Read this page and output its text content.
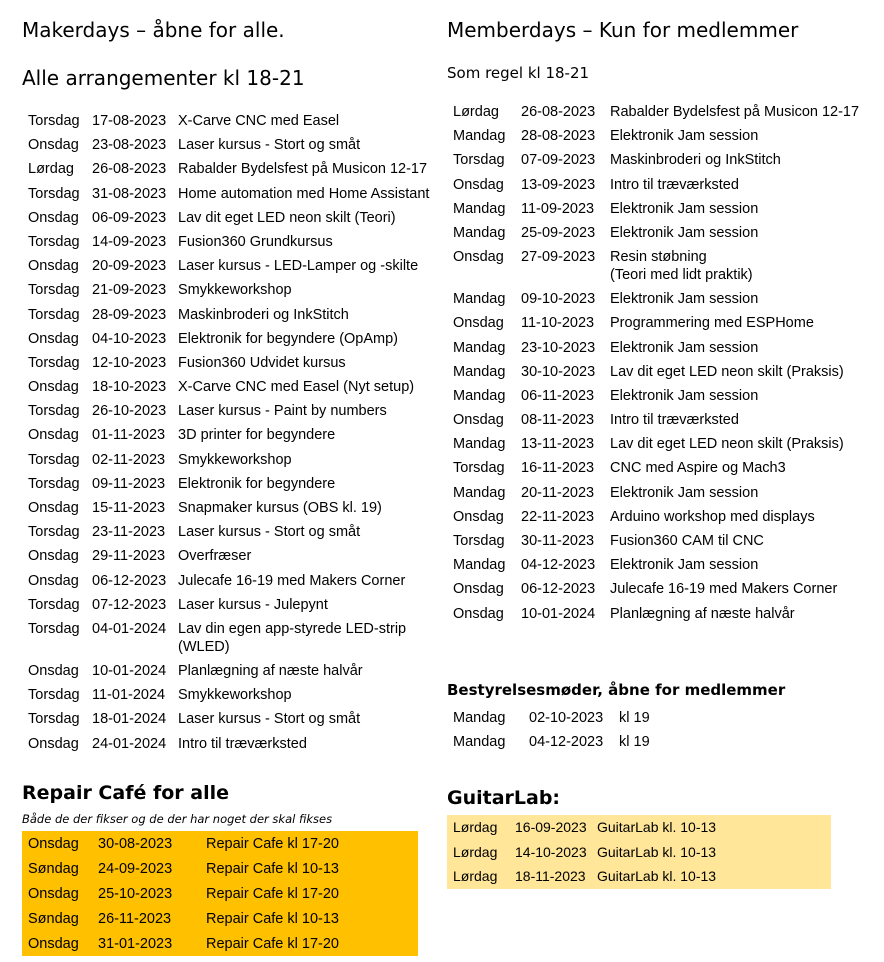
Makerdays – åbne for alle.
Alle arrangementer kl 18-21
Torsdag	17-08-2023	X-Carve CNC med Easel
Onsdag	23-08-2023	Laser kursus - Stort og småt
Lørdag	26-08-2023	Rabalder Bydelsfest på Musicon 12-17
Torsdag	31-08-2023	Home automation med Home Assistant
Onsdag	06-09-2023	Lav dit eget LED neon skilt (Teori)
Torsdag	14-09-2023	Fusion360 Grundkursus
Onsdag	20-09-2023	Laser kursus - LED-Lamper og -skilte
Torsdag	21-09-2023	Smykkeworkshop
Torsdag	28-09-2023	Maskinbroderi og InkStitch
Onsdag	04-10-2023	Elektronik for begyndere (OpAmp)
Torsdag	12-10-2023	Fusion360 Udvidet kursus
Onsdag	18-10-2023	X-Carve CNC med Easel (Nyt setup)
Torsdag	26-10-2023	Laser kursus - Paint by numbers
Onsdag	01-11-2023	3D printer for begyndere
Torsdag	02-11-2023	Smykkeworkshop
Torsdag	09-11-2023	Elektronik for begyndere
Onsdag	15-11-2023	Snapmaker kursus (OBS kl. 19)
Torsdag	23-11-2023	Laser kursus - Stort og småt
Onsdag	29-11-2023	Overfræser
Onsdag	06-12-2023	Julecafe 16-19 med Makers Corner
Torsdag	07-12-2023	Laser kursus - Julepynt
Torsdag	04-01-2024	Lav din egen app-styrede LED-strip
(WLED)
Onsdag	10-01-2024	Planlægning af næste halvår
Torsdag	11-01-2024	Smykkeworkshop
Torsdag	18-01-2024	Laser kursus - Stort og småt
Onsdag	24-01-2024	Intro til træværksted
Repair Café for alle
Både de der fikser og de der har noget der skal fikses
Onsdag	30-08-2023	Repair Cafe kl 17-20
Søndag	24-09-2023	Repair Cafe kl 10-13
Onsdag	25-10-2023	Repair Cafe kl 17-20
Søndag	26-11-2023	Repair Cafe kl 10-13
Onsdag	31-01-2023	Repair Cafe kl 17-20
Memberdays – Kun for medlemmer
Som regel kl 18-21
Lørdag	26-08-2023	Rabalder Bydelsfest på Musicon 12-17
Mandag	28-08-2023	Elektronik Jam session
Torsdag	07-09-2023	Maskinbroderi og InkStitch
Onsdag	13-09-2023	Intro til træværksted
Mandag	11-09-2023	Elektronik Jam session
Mandag	25-09-2023	Elektronik Jam session
Onsdag	27-09-2023	Resin støbning
(Teori med lidt praktik)
Mandag	09-10-2023	Elektronik Jam session
Onsdag	11-10-2023	Programmering med ESPHome
Mandag	23-10-2023	Elektronik Jam session
Mandag	30-10-2023	Lav dit eget LED neon skilt (Praksis)
Mandag	06-11-2023	Elektronik Jam session
Onsdag	08-11-2023	Intro til træværksted
Mandag	13-11-2023	Lav dit eget LED neon skilt (Praksis)
Torsdag	16-11-2023	CNC med Aspire og Mach3
Mandag	20-11-2023	Elektronik Jam session
Onsdag	22-11-2023	Arduino workshop med displays
Torsdag	30-11-2023	Fusion360 CAM til CNC
Mandag	04-12-2023	Elektronik Jam session
Onsdag	06-12-2023	Julecafe 16-19 med Makers Corner
Onsdag	10-01-2024	Planlægning af næste halvår
Bestyrelsesmøder, åbne for medlemmer
Mandag	02-10-2023	kl 19
Mandag	04-12-2023	kl 19
GuitarLab:
Lørdag	16-09-2023	GuitarLab kl. 10-13
Lørdag	14-10-2023	GuitarLab kl. 10-13
Lørdag	18-11-2023	GuitarLab kl. 10-13
